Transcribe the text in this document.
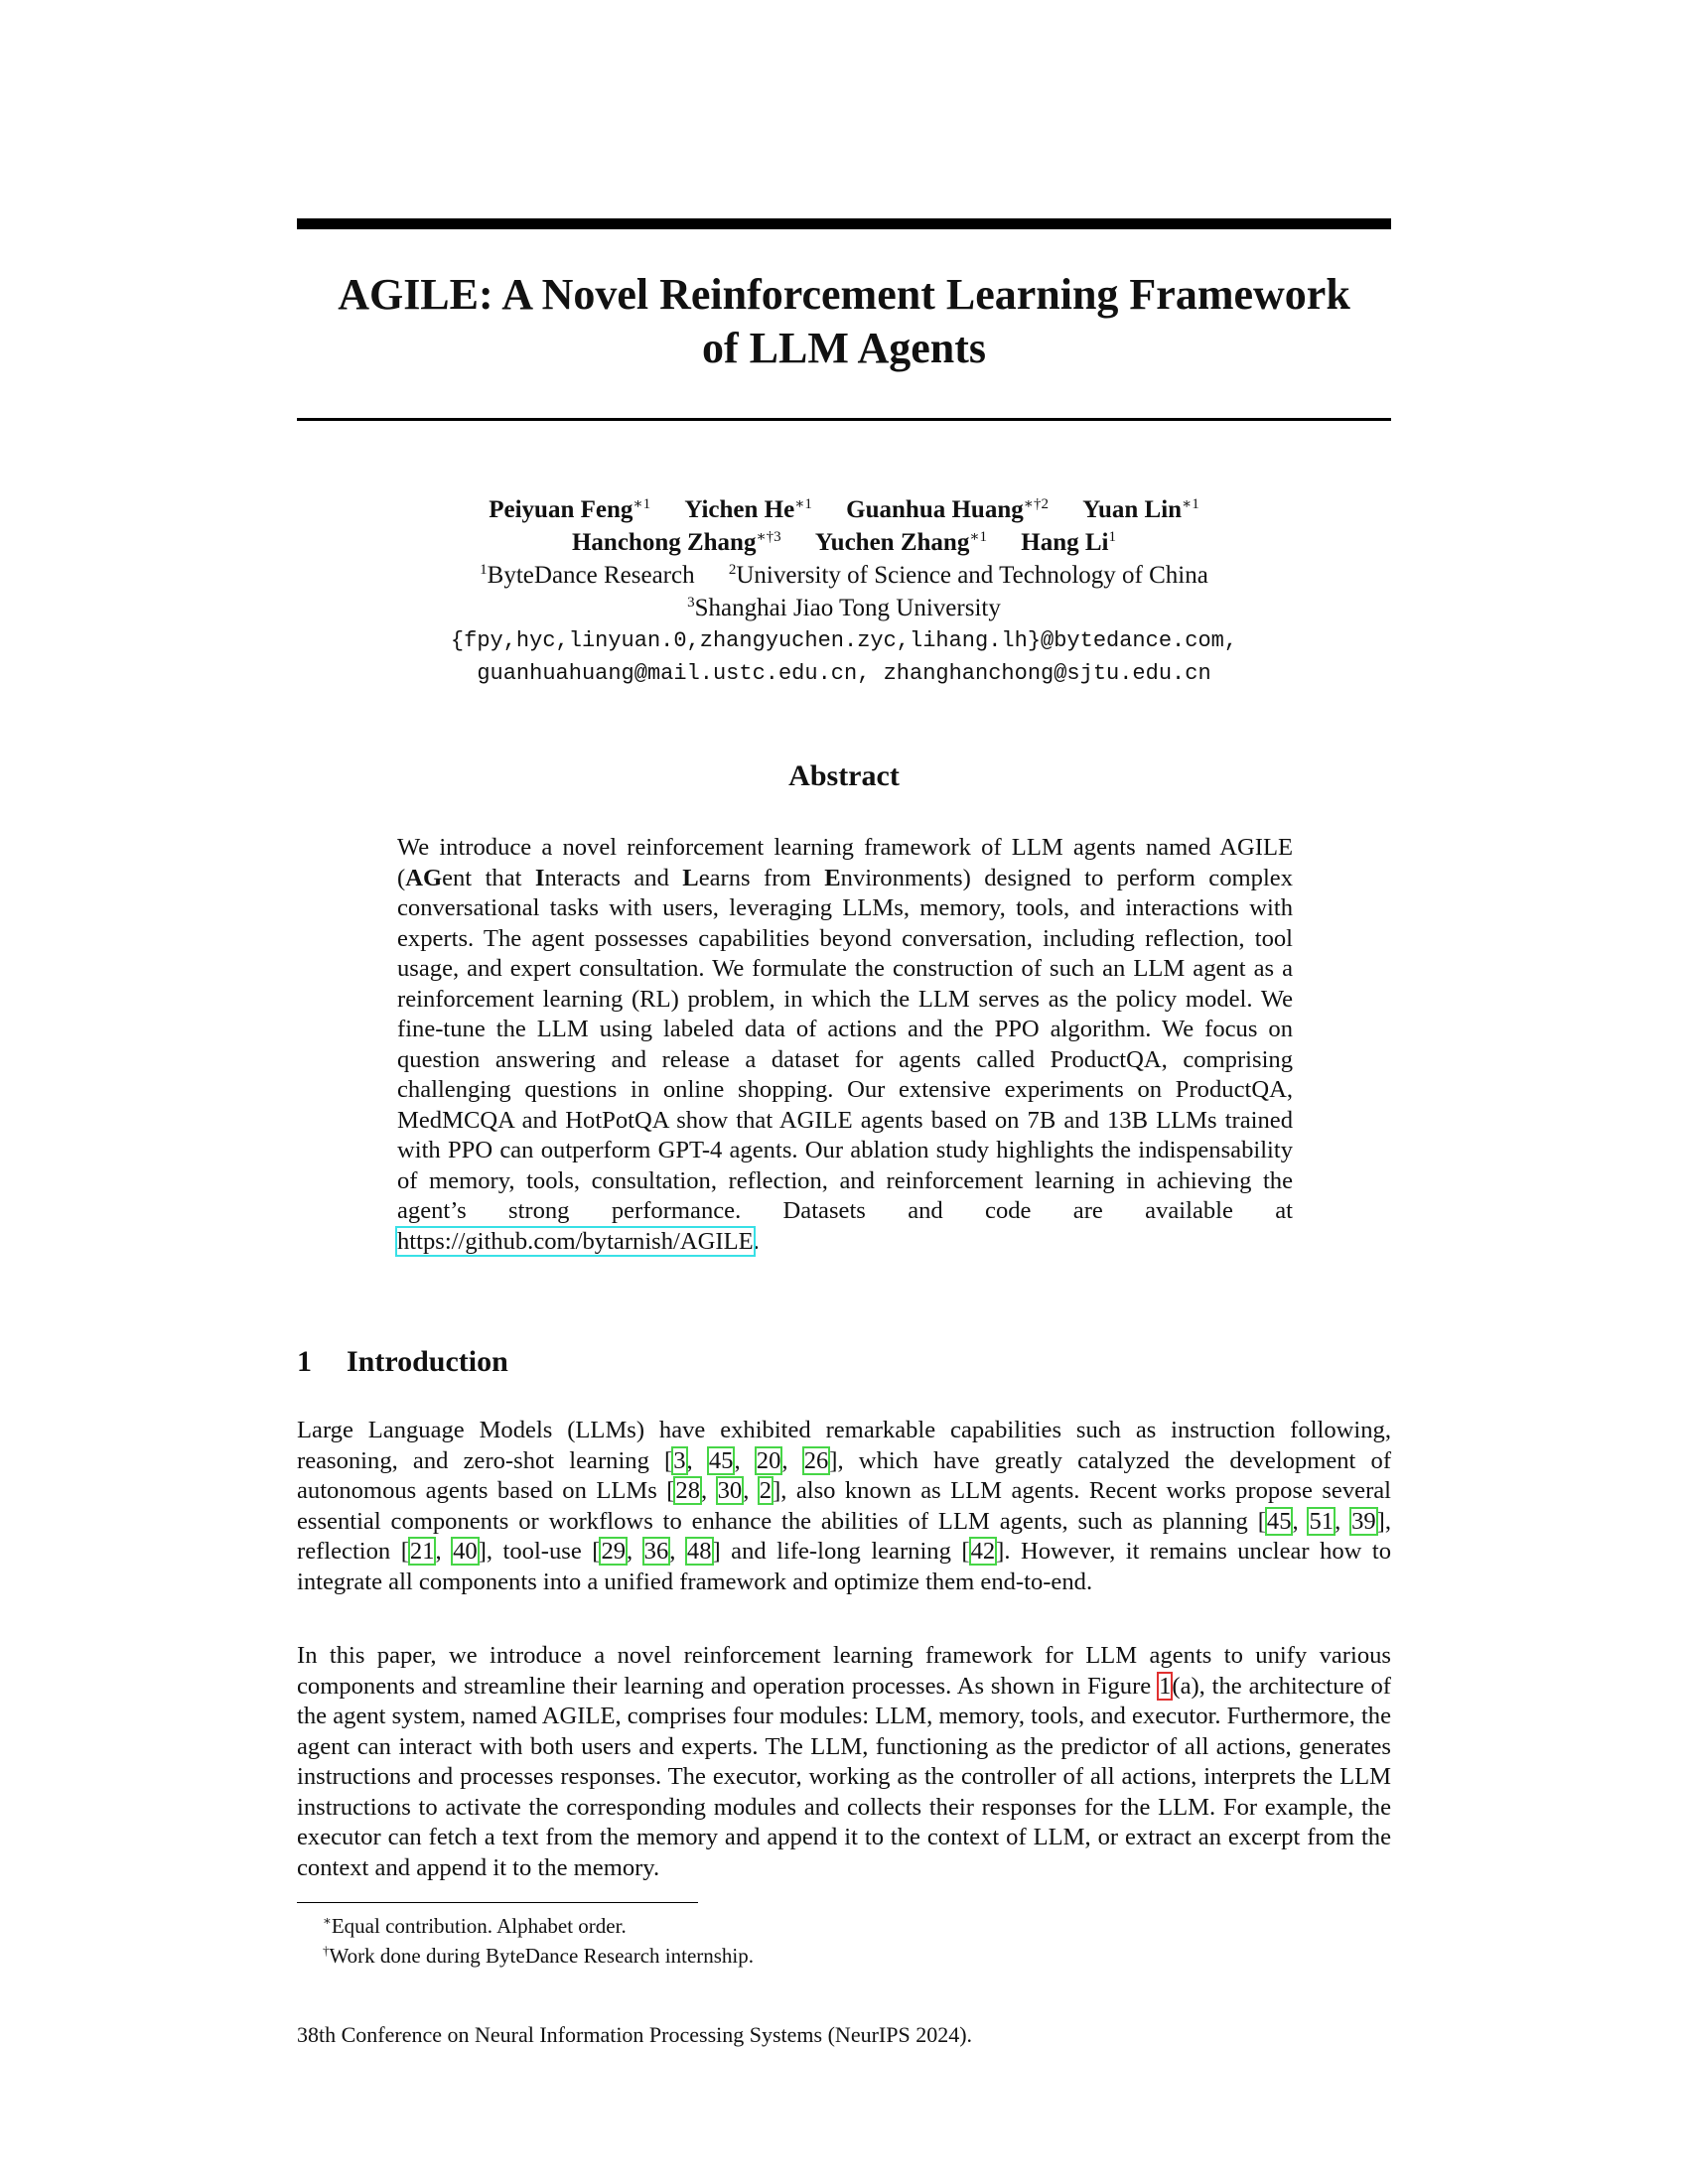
AGILE: A Novel Reinforcement Learning Framework
of LLM Agents
Peiyuan Feng$^{∗1}$ Yichen $He^{∗1}$ Guanhua Huang$^{∗\dagger 2}$ Yuan Lin$^{∗1}$
Hanchong Zhang$^{∗\dagger 3}$ Yuchen Zhang$^{∗1}$ Hang Li$^1$
$^1$ByteDance Research $^2$University of Science and Technology of China
$^3$Shanghai Jiao Tong University
{fpy,hyc,linyuan.0,zhangyuchen.zyc,lihang.lh}@bytedance.com,
guanhuahuang@mail.ustc.edu.cn, zhanghanchong@sjtu.edu.cn
Abstract
We introduce a novel reinforcement learning framework of LLM agents named AGILE (AGent that Interacts and Learns from Environments) designed to perform complex conversational tasks with users, leveraging LLMs, memory, tools, and interactions with experts. The agent possesses capabilities beyond conversation, including reflection, tool usage, and expert consultation. We formulate the construction of such an LLM agent as a reinforcement learning (RL) problem, in which the LLM serves as the policy model. We fine-tune the LLM using labeled data of actions and the PPO algorithm. We focus on question answering and release a dataset for agents called ProductQA, comprising challenging questions in online shopping. Our extensive experiments on ProductQA, MedMCQA and HotPotQA show that AGILE agents based on 7B and 13B LLMs trained with PPO can outperform GPT-4 agents. Our ablation study highlights the indispensability of memory, tools, consultation, reflection, and reinforcement learning in achieving the agent’s strong performance. Datasets and code are available at https://github.com/bytarnish/AGILE.
1 Introduction
Large Language Models (LLMs) have exhibited remarkable capabilities such as instruction following, reasoning, and zero-shot learning [3, 45, 20, 26], which have greatly catalyzed the development of autonomous agents based on LLMs [28, 30, 2], also known as LLM agents. Recent works propose several essential components or workflows to enhance the abilities of LLM agents, such as planning [45, 51, 39], reflection [21, 40], tool-use [29, 36, 48] and life-long learning [42]. However, it remains unclear how to integrate all components into a unified framework and optimize them end-to-end.
In this paper, we introduce a novel reinforcement learning framework for LLM agents to unify various components and streamline their learning and operation processes. As shown in Figure 1(a), the architecture of the agent system, named AGILE, comprises four modules: LLM, memory, tools, and executor. Furthermore, the agent can interact with both users and experts. The LLM, functioning as the predictor of all actions, generates instructions and processes responses. The executor, working as the controller of all actions, interprets the LLM instructions to activate the corresponding modules and collects their responses for the LLM. For example, the executor can fetch a text from the memory and append it to the context of LLM, or extract an excerpt from the context and append it to the memory.
∗Equal contribution. Alphabet order.
†Work done during ByteDance Research internship.
38th Conference on Neural Information Processing Systems (NeurIPS 2024).
